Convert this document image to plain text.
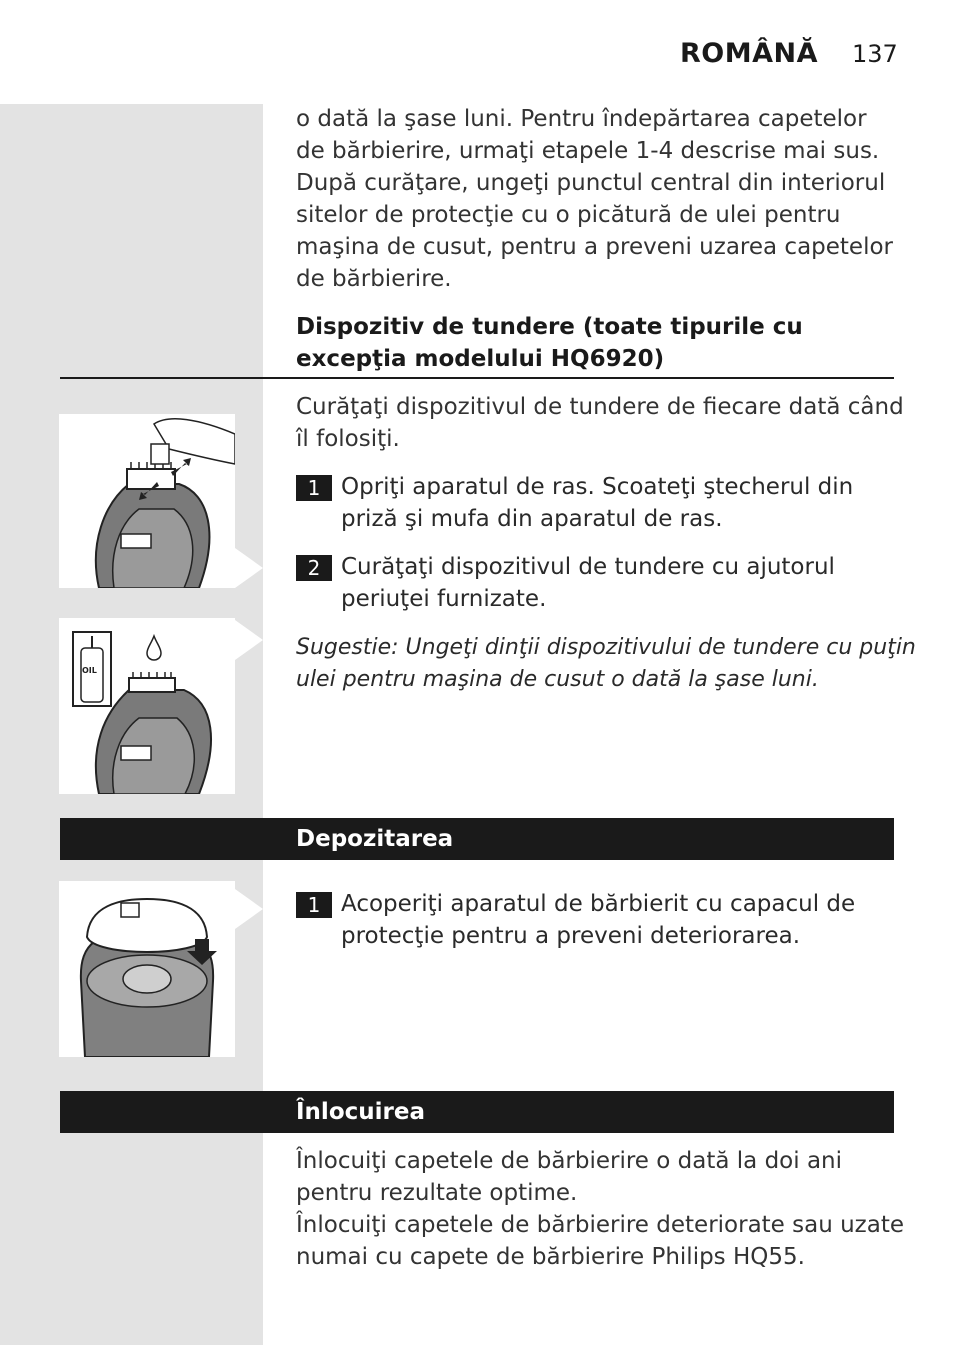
ROMÂNĂ 137
o dată la şase luni. Pentru îndepărtarea capetelor
de bărbierire, urmaţi etapele 1-4 descrise mai sus.
După curăţare, ungeţi punctul central din interiorul
sitelor de protecţie cu o picătură de ulei pentru
maşina de cusut, pentru a preveni uzarea capetelor
de bărbierire.
Dispozitiv de tundere (toate tipurile cu
excepţia modelului HQ6920)
Curăţaţi dispozitivul de tundere de fiecare dată când
îl folosiţi.
1 Opriţi aparatul de ras. Scoateţi ştecherul din
priză şi mufa din aparatul de ras.
2 Curăţaţi dispozitivul de tundere cu ajutorul
periuţei furnizate.
Sugestie: Ungeţi dinţii dispozitivului de tundere cu puţin
ulei pentru maşina de cusut o dată la şase luni.
OIL
Depozitarea
1 Acoperiţi aparatul de bărbierit cu capacul de
protecţie pentru a preveni deteriorarea.
Înlocuirea
Înlocuiţi capetele de bărbierire o dată la doi ani
pentru rezultate optime.
Înlocuiţi capetele de bărbierire deteriorate sau uzate
numai cu capete de bărbierire Philips HQ55.
